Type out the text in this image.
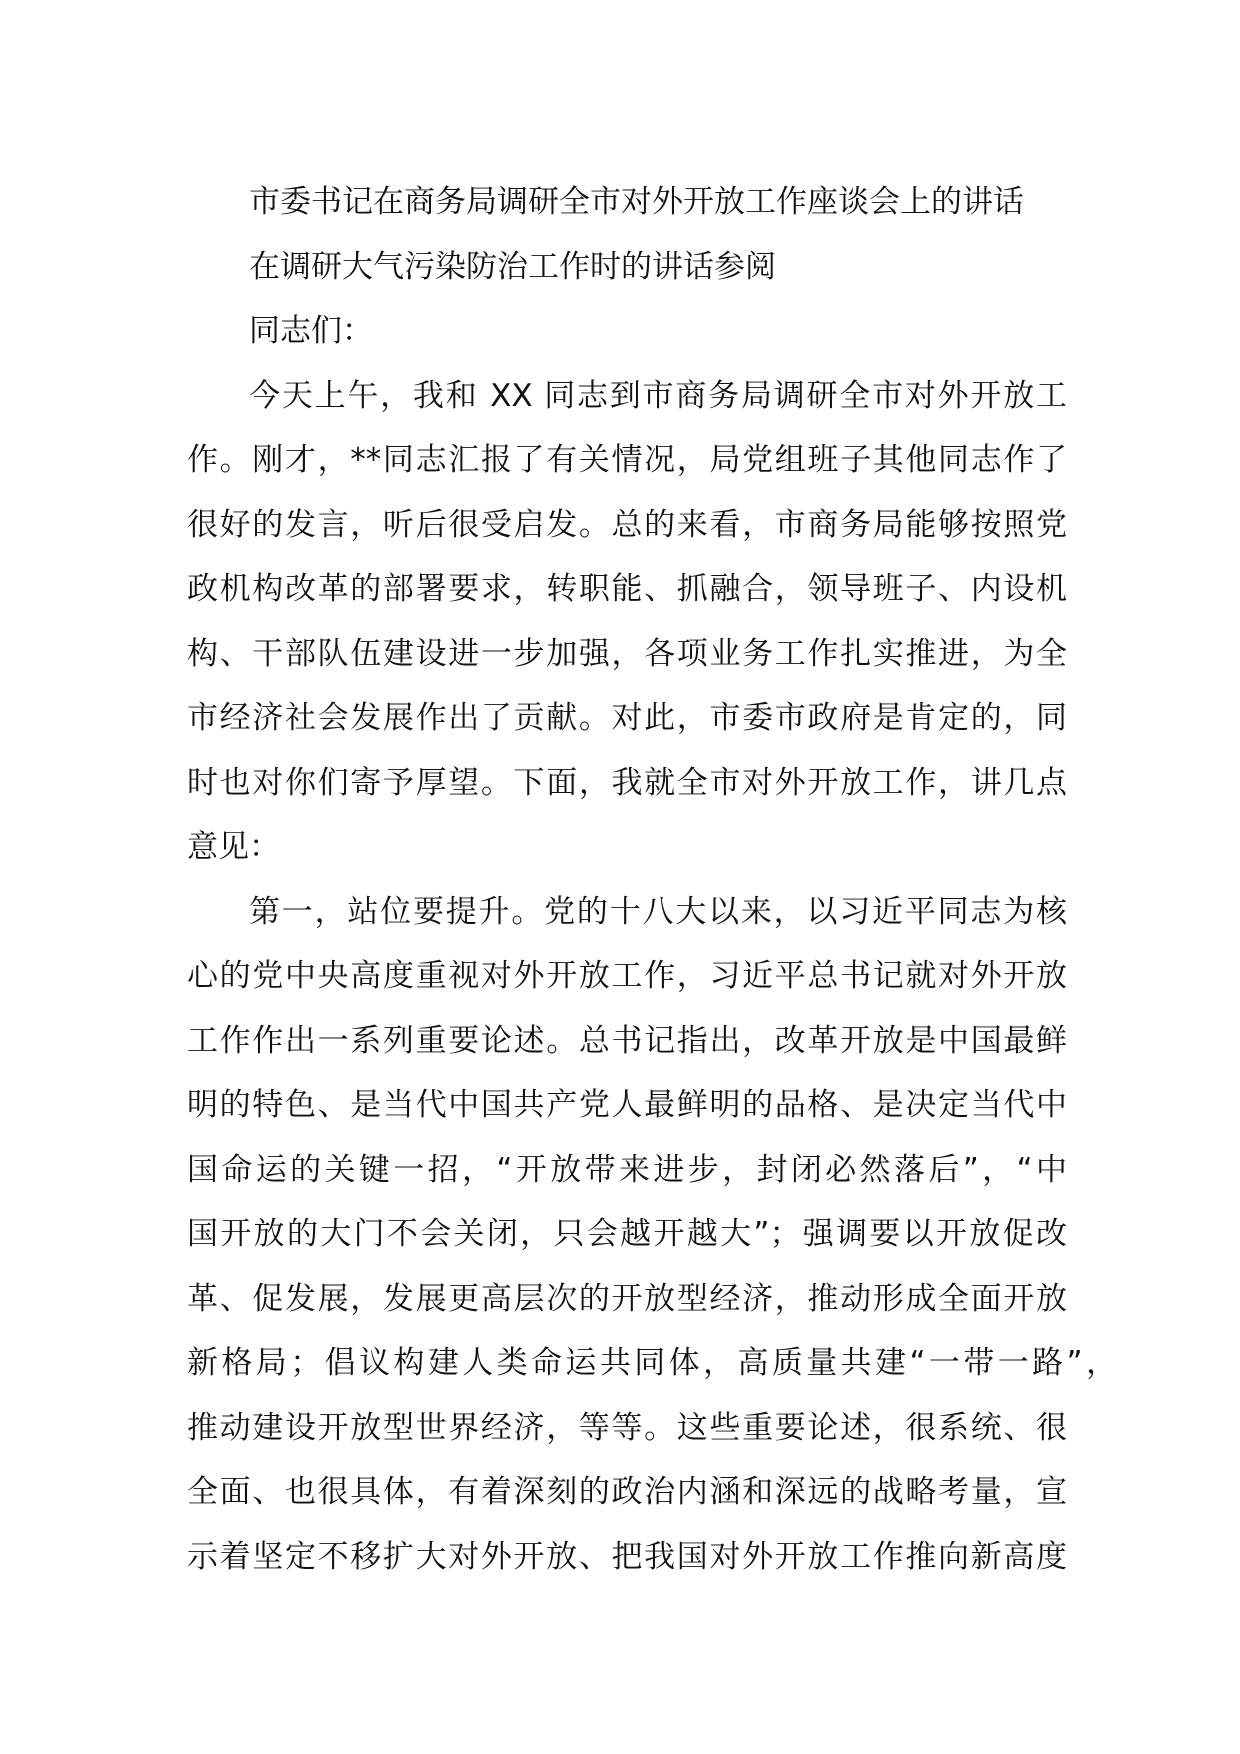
市委书记在商务局调研全市对外开放工作座谈会上的讲话
在调研大气污染防治工作时的讲话参阅
同志们：
今天上午，我和 XX 同志到市商务局调研全市对外开放工
作。刚才，**同志汇报了有关情况，局党组班子其他同志作了
很好的发言，听后很受启发。总的来看，市商务局能够按照党
政机构改革的部署要求，转职能、抓融合，领导班子、内设机
构、干部队伍建设进一步加强，各项业务工作扎实推进，为全
市经济社会发展作出了贡献。对此，市委市政府是肯定的，同
时也对你们寄予厚望。下面，我就全市对外开放工作，讲几点
意见：
第一，站位要提升。党的十八大以来，以习近平同志为核
心的党中央高度重视对外开放工作，习近平总书记就对外开放
工作作出一系列重要论述。总书记指出，改革开放是中国最鲜
明的特色、是当代中国共产党人最鲜明的品格、是决定当代中
国命运的关键一招，“开放带来进步，封闭必然落后”，“中
国开放的大门不会关闭，只会越开越大”；强调要以开放促改
革、促发展，发展更高层次的开放型经济，推动形成全面开放
新格局；倡议构建人类命运共同体，高质量共建“一带一路”，
推动建设开放型世界经济，等等。这些重要论述，很系统、很
全面、也很具体，有着深刻的政治内涵和深远的战略考量，宣
示着坚定不移扩大对外开放、把我国对外开放工作推向新高度
